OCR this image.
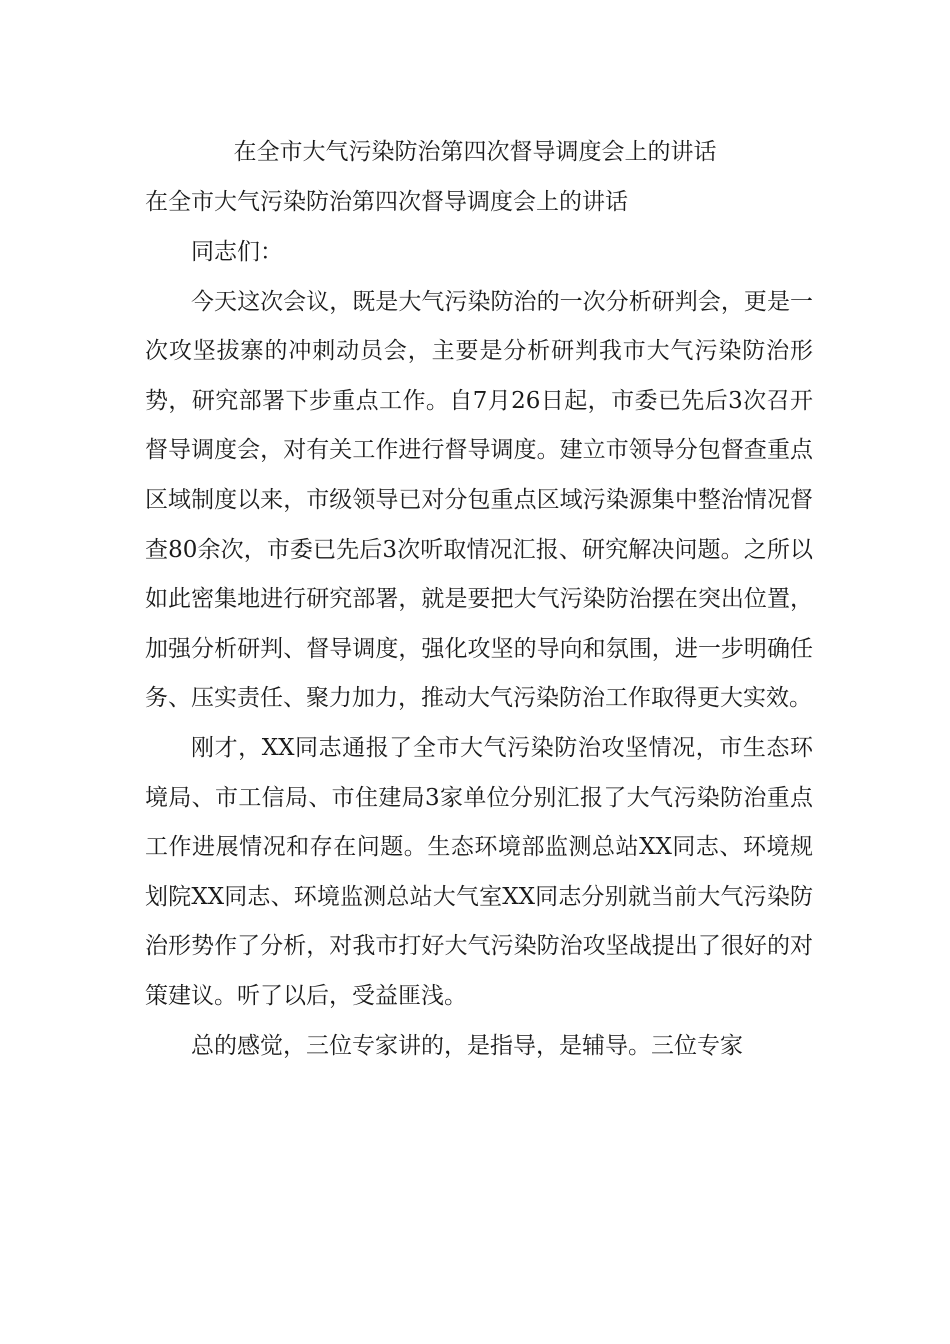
在全市大气污染防治第四次督导调度会上的讲话
在全市大气污染防治第四次督导调度会上的讲话

同志们：

今天这次会议，既是大气污染防治的一次分析研判会，更是一次攻坚拔寨的冲刺动员会，主要是分析研判我市大气污染防治形势，研究部署下步重点工作。自7月26日起，市委已先后3次召开督导调度会，对有关工作进行督导调度。建立市领导分包督查重点区域制度以来，市级领导已对分包重点区域污染源集中整治情况督查80余次，市委已先后3次听取情况汇报、研究解决问题。之所以如此密集地进行研究部署，就是要把大气污染防治摆在突出位置，加强分析研判、督导调度，强化攻坚的导向和氛围，进一步明确任务、压实责任、聚力加力，推动大气污染防治工作取得更大实效。

刚才，XX同志通报了全市大气污染防治攻坚情况，市生态环境局、市工信局、市住建局3家单位分别汇报了大气污染防治重点工作进展情况和存在问题。生态环境部监测总站XX同志、环境规划院XX同志、环境监测总站大气室XX同志分别就当前大气污染防治形势作了分析，对我市打好大气污染防治攻坚战提出了很好的对策建议。听了以后，受益匪浅。

总的感觉，三位专家讲的，是指导，是辅导。三位专家
